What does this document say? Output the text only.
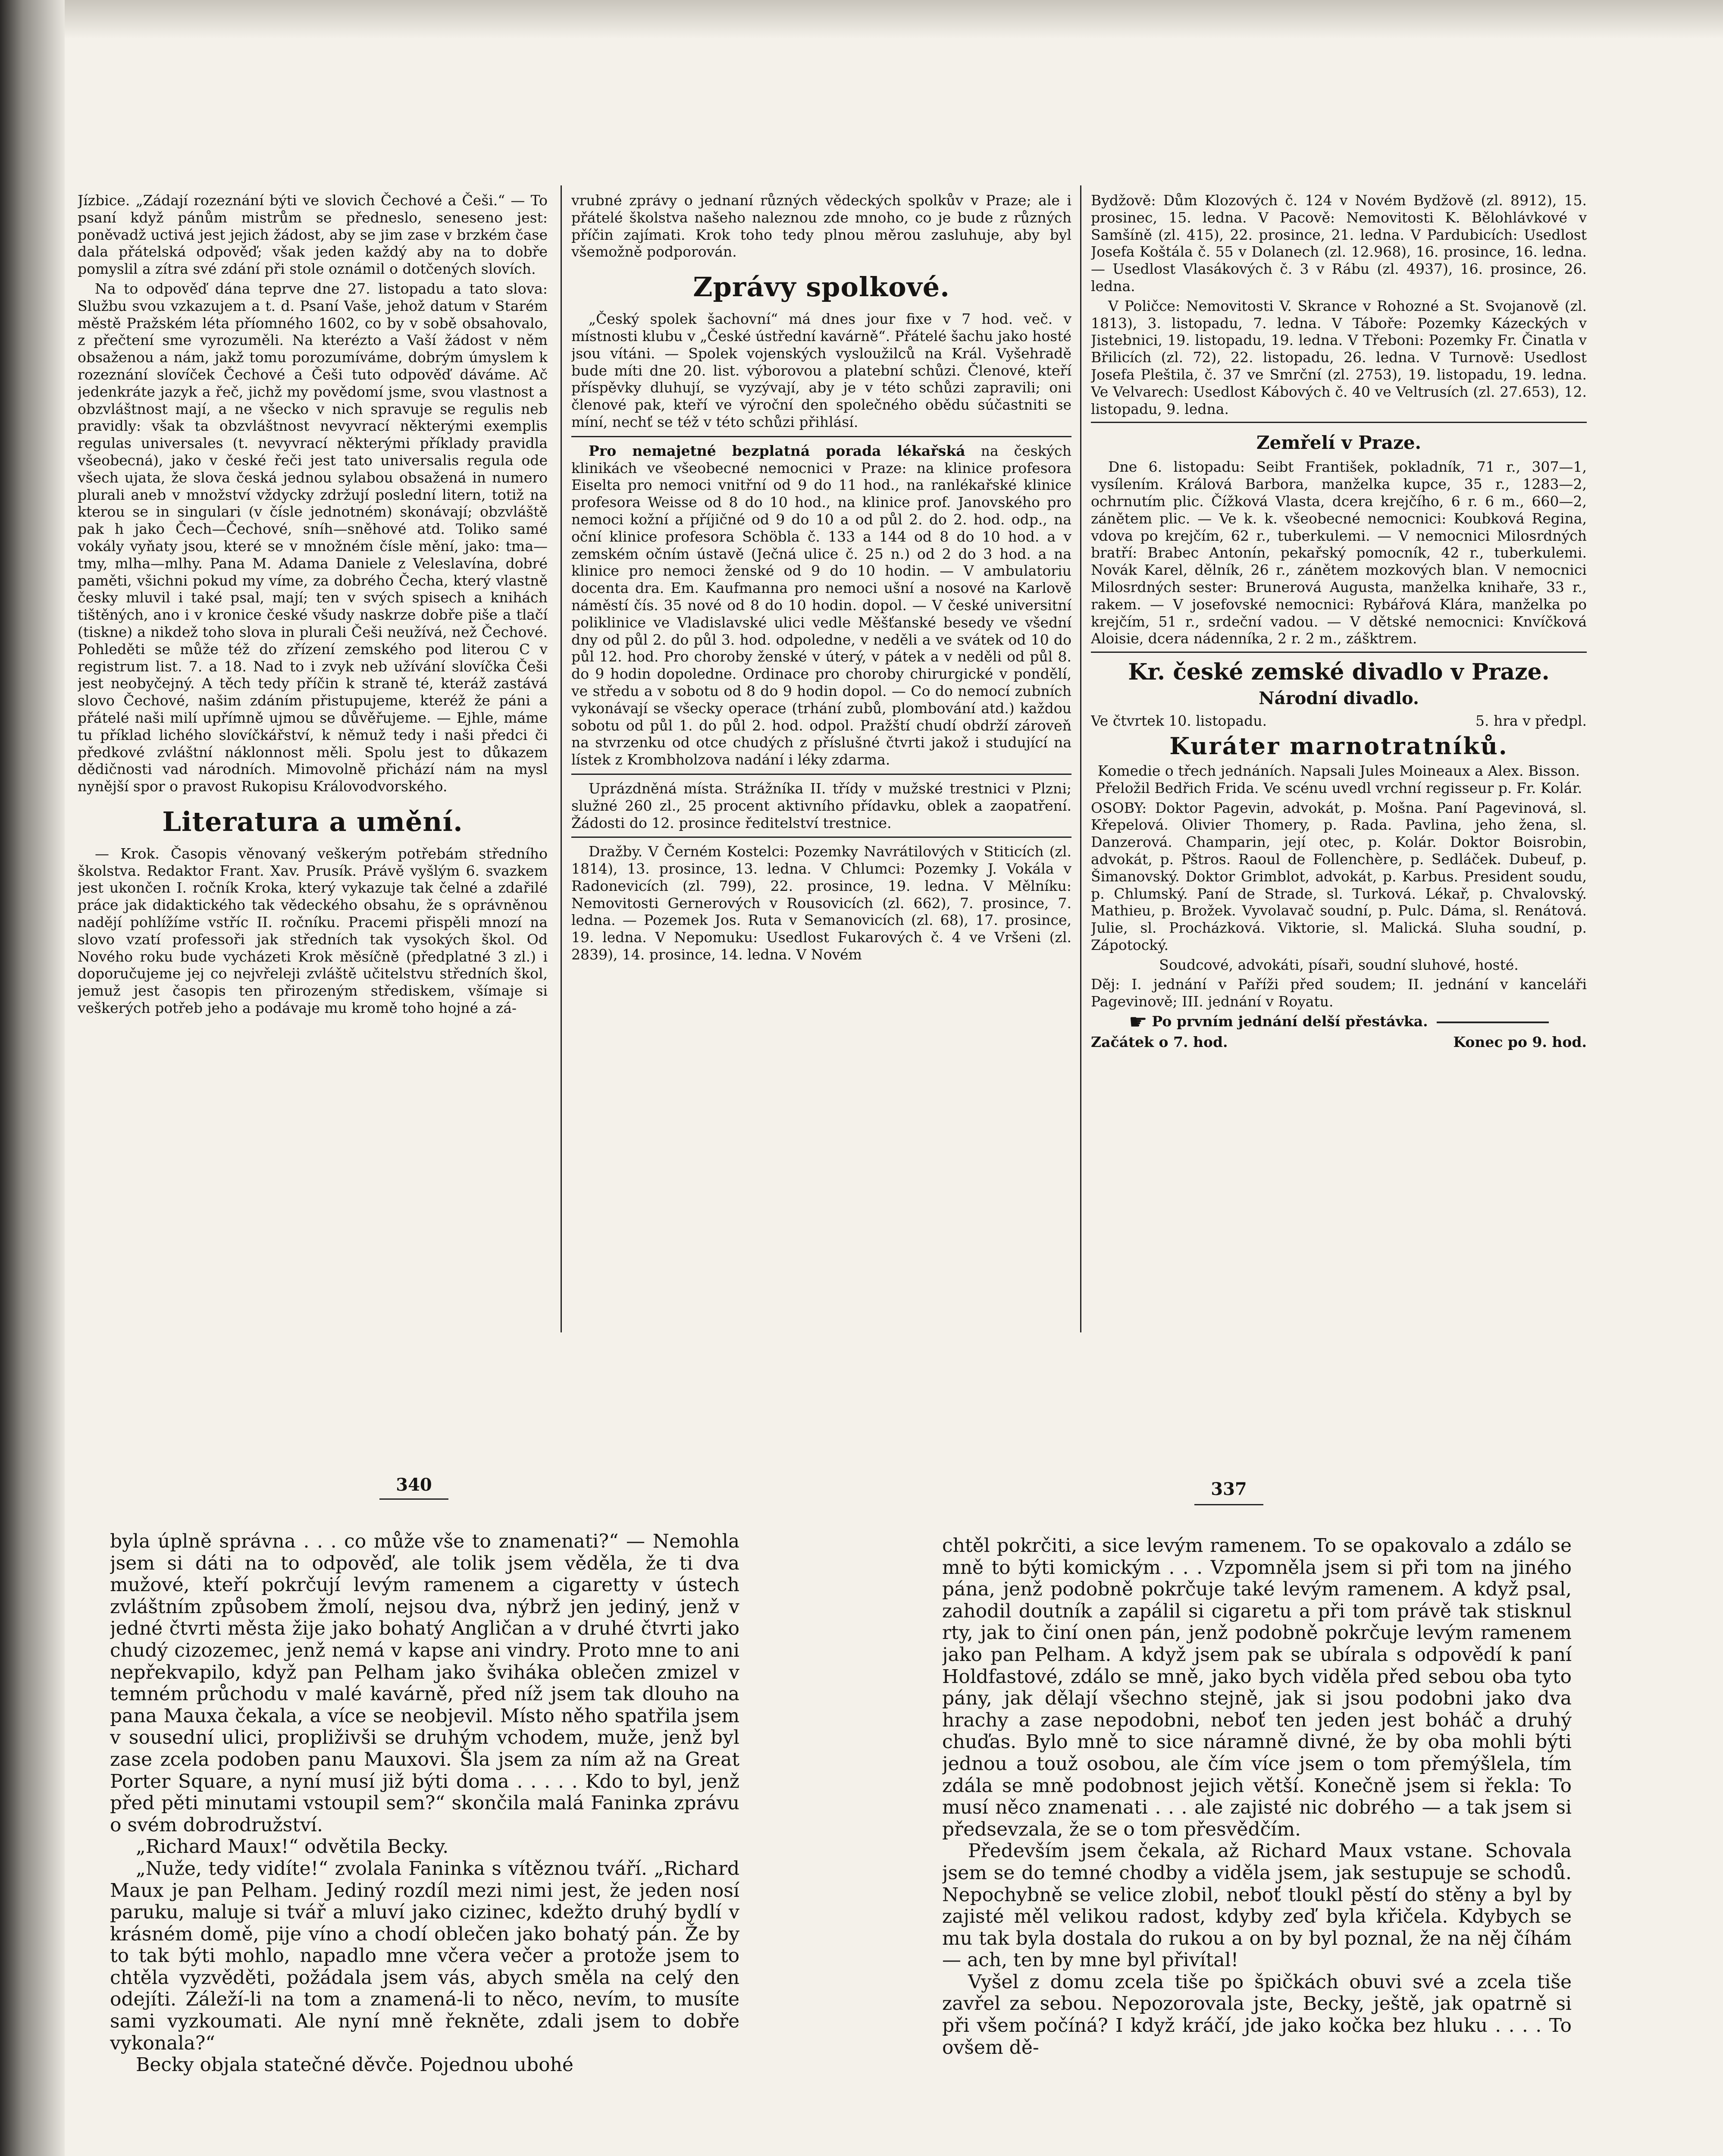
Jízbice. „Zádají rozeznání býti ve slovich Čechové a Češi.“ — To psaní když pánům mistrům se předneslo, seneseno jest: poněvadž uctivá jest jejich žádost, aby se jim zase v brzkém čase dala přátelská odpověď; však jeden každý aby na to dobře pomyslil a zítra své zdání při stole oznámil o dotčených slovích.

Na to odpověď dána teprve dne 27. listopadu a tato slova: Službu svou vzkazujem a t. d. Psaní Vaše, jehož datum v Starém městě Pražském léta příomného 1602, co by v sobě obsahovalo, z přečtení sme vyrozuměli. Na kterézto a Vaší žádost v něm obsaženou a nám, jakž tomu porozumíváme, dobrým úmyslem k rozeznání slovíček Čechové a Češi tuto odpověď dáváme. Ač jedenkráte jazyk a řeč, jichž my povědomí jsme, svou vlastnost a obzvláštnost mají, a ne všecko v nich spravuje se regulis neb pravidly: však ta obzvláštnost nevyvrací některými exemplis regulas universales (t. nevyvrací některými příklady pravidla všeobecná), jako v české řeči jest tato universalis regula ode všech ujata, že slova česká jednou sylabou obsažená in numero plurali aneb v množství vždycky zdržují poslední litern, totiž na kterou se in singulari (v čísle jednotném) skonávají; obzvláště pak h jako Čech—Čechové, sníh—sněhové atd. Toliko samé vokály vyňaty jsou, které se v množném čísle mění, jako: tma—tmy, mlha—mlhy. Pana M. Adama Daniele z Veleslavína, dobré paměti, všichni pokud my víme, za dobrého Čecha, který vlastně česky mluvil i také psal, mají; ten v svých spisech a knihách tištěných, ano i v kronice české všudy naskrze dobře piše a tlačí (tiskne) a nikdež toho slova in plurali Češi neužívá, než Čechové. Pohleděti se může též do zřízení zemského pod literou C v registrum list. 7. a 18. Nad to i zvyk neb užívání slovíčka Češi jest neobyčejný. A těch tedy příčin k straně té, kteráž zastává slovo Čechové, našim zdáním přistupujeme, kteréž že páni a přátelé naši milí upřímně ujmou se důvěřujeme. — Ejhle, máme tu příklad lichého slovíčkářství, k němuž tedy i naši předci či předkové zvláštní náklonnost měli. Spolu jest to důkazem dědičnosti vad národních. Mimovolně přichází nám na mysl nynější spor o pravost Rukopisu Královodvorského.

Literatura a umění.

— Krok. Časopis věnovaný veškerým potřebám středního školstva. Redaktor Frant. Xav. Prusík. Právě vyšlým 6. svazkem jest ukončen I. ročník Kroka, který vykazuje tak čelné a zdařilé práce jak didaktického tak vědeckého obsahu, že s oprávněnou nadějí pohlížíme vstříc II. ročníku. Pracemi přispěli mnozí na slovo vzatí professoři jak středních tak vysokých škol. Od Nového roku bude vycházeti Krok měsíčně (předplatné 3 zl.) i doporučujeme jej co nejvřeleji zvláště učitelstvu středních škol, jemuž jest časopis ten přirozeným střediskem, všímaje si veškerých potřeb jeho a podávaje mu kromě toho hojné a zá-

vrubné zprávy o jednaní různých vědeckých spolkův v Praze; ale i přátelé školstva našeho naleznou zde mnoho, co je bude z různých příčin zajímati. Krok toho tedy plnou měrou zasluhuje, aby byl všemožně podporován.

Zprávy spolkové.

„Český spolek šachovní“ má dnes jour fixe v 7 hod. več. v místnosti klubu v „České ústřední kavárně“. Přátelé šachu jako hosté jsou vítáni. — Spolek vojenských vysloužilců na Král. Vyšehradě bude míti dne 20. list. výborovou a platební schůzi. Členové, kteří příspěvky dluhují, se vyzývají, aby je v této schůzi zapravili; oni členové pak, kteří ve výroční den společného obědu súčastniti se míní, nechť se též v této schůzi přihlásí.

Pro nemajetné bezplatná porada lékařská na českých klinikách ve všeobecné nemocnici v Praze: na klinice profesora Eiselta pro nemoci vnitřní od 9 do 11 hod., na ranlékařské klinice profesora Weisse od 8 do 10 hod., na klinice prof. Janovského pro nemoci kožní a příjičné od 9 do 10 a od půl 2. do 2. hod. odp., na oční klinice profesora Schöbla č. 133 a 144 od 8 do 10 hod. a v zemském očním ústavě (Ječná ulice č. 25 n.) od 2 do 3 hod. a na klinice pro nemoci ženské od 9 do 10 hodin. — V ambulatoriu docenta dra. Em. Kaufmanna pro nemoci ušní a nosové na Karlově náměstí čís. 35 nové od 8 do 10 hodin. dopol. — V české universitní poliklinice ve Vladislavské ulici vedle Měšťanské besedy ve všední dny od půl 2. do půl 3. hod. odpoledne, v neděli a ve svátek od 10 do půl 12. hod. Pro choroby ženské v úterý, v pátek a v neděli od půl 8. do 9 hodin dopoledne. Ordinace pro choroby chirurgické v pondělí, ve středu a v sobotu od 8 do 9 hodin dopol. — Co do nemocí zubních vykonávají se všecky operace (trhání zubů, plombování atd.) každou sobotu od půl 1. do půl 2. hod. odpol. Pražští chudí obdrží zároveň na stvrzenku od otce chudých z příslušné čtvrti jakož i studující na lístek z Krombholzova nadání i léky zdarma.

Uprázdněná místa. Strážníka II. třídy v mužské trestnici v Plzni; služné 260 zl., 25 procent aktivního přídavku, oblek a zaopatření. Žádosti do 12. prosince ředitelství trestnice.

Dražby. V Černém Kostelci: Pozemky Navrátilových v Stiticích (zl. 1814), 13. prosince, 13. ledna. V Chlumci: Pozemky J. Vokála v Radonevicích (zl. 799), 22. prosince, 19. ledna. V Mělníku: Nemovitosti Gernerových v Rousovicích (zl. 662), 7. prosince, 7. ledna. — Pozemek Jos. Ruta v Semanovicích (zl. 68), 17. prosince, 19. ledna. V Nepomuku: Usedlost Fukarových č. 4 ve Vršeni (zl. 2839), 14. prosince, 14. ledna. V Novém

Bydžově: Dům Klozových č. 124 v Novém Bydžově (zl. 8912), 15. prosinec, 15. ledna. V Pacově: Nemovitosti K. Bělohlávkové v Samšíně (zl. 415), 22. prosince, 21. ledna. V Pardubicích: Usedlost Josefa Koštála č. 55 v Dolanech (zl. 12.968), 16. prosince, 16. ledna. — Usedlost Vlasákových č. 3 v Rábu (zl. 4937), 16. prosince, 26. ledna.

V Poličce: Nemovitosti V. Skrance v Rohozné a St. Svojanově (zl. 1813), 3. listopadu, 7. ledna. V Táboře: Pozemky Kázeckých v Jistebnici, 19. listopadu, 19. ledna. V Třeboni: Pozemky Fr. Činatla v Břilicích (zl. 72), 22. listopadu, 26. ledna. V Turnově: Usedlost Josefa Pleštila, č. 37 ve Smrční (zl. 2753), 19. listopadu, 19. ledna. Ve Velvarech: Usedlost Kábových č. 40 ve Veltrusích (zl. 27.653), 12. listopadu, 9. ledna.

Zemřelí v Praze.

Dne 6. listopadu: Seibt František, pokladník, 71 r., 307—1, vysílením. Králová Barbora, manželka kupce, 35 r., 1283—2, ochrnutím plic. Čížková Vlasta, dcera krejčího, 6 r. 6 m., 660—2, zánětem plic. — Ve k. k. všeobecné nemocnici: Koubková Regina, vdova po krejčím, 62 r., tuberkulemi. — V nemocnici Milosrdných bratří: Brabec Antonín, pekařský pomocník, 42 r., tuberkulemi. Novák Karel, dělník, 26 r., zánětem mozkových blan. V nemocnici Milosrdných sester: Brunerová Augusta, manželka knihaře, 33 r., rakem. — V josefovské nemocnici: Rybářová Klára, manželka po krejčím, 51 r., srdeční vadou. — V dětské nemocnici: Knvíčková Aloisie, dcera nádenníka, 2 r. 2 m., zášktrem.

Kr. české zemské divadlo v Praze.
Národní divadlo.
Ve čtvrtek 10. listopadu.	5. hra v předpl.
Kuráter marnotratníků.

Komedie o třech jednáních. Napsali Jules Moineaux a Alex. Bisson. Přeložil Bedřich Frida. Ve scénu uvedl vrchní regisseur p. Fr. Kolár.

OSOBY: Doktor Pagevin, advokát, p. Mošna. Paní Pagevinová, sl. Křepelová. Olivier Thomery, p. Rada. Pavlina, jeho žena, sl. Danzerová. Champarin, její otec, p. Kolár. Doktor Boisrobin, advokát, p. Pštros. Raoul de Follenchère, p. Sedláček. Dubeuf, p. Šimanovský. Doktor Grimblot, advokát, p. Karbus. President soudu, p. Chlumský. Paní de Strade, sl. Turková. Lékař, p. Chvalovský. Mathieu, p. Brožek. Vyvolavač soudní, p. Pulc. Dáma, sl. Renátová. Julie, sl. Procházková. Viktorie, sl. Malická. Sluha soudní, p. Zápotocký.

Soudcové, advokáti, písaři, soudní sluhové, hosté.

Děj: I. jednání v Paříži před soudem; II. jednání v kanceláři Pagevinově; III. jednání v Royatu.

☛ Po prvním jednání delší přestávka.

Začátek o 7. hod.	Konec po 9. hod.
340	337

byla úplně správna . . . co může vše to znamenati?“ — Nemohla jsem si dáti na to odpověď, ale tolik jsem věděla, že ti dva mužové, kteří pokrčují levým ramenem a cigaretty v ústech zvláštním způsobem žmolí, nejsou dva, nýbrž jen jediný, jenž v jedné čtvrti města žije jako bohatý Angličan a v druhé čtvrti jako chudý cizozemec, jenž nemá v kapse ani vindry. Proto mne to ani nepřekvapilo, když pan Pelham jako šviháka oblečen zmizel v temném průchodu v malé kavárně, před níž jsem tak dlouho na pana Mauxa čekala, a více se neobjevil. Místo něho spatřila jsem v sousední ulici, propliživši se druhým vchodem, muže, jenž byl zase zcela podoben panu Mauxovi. Šla jsem za ním až na Great Porter Square, a nyní musí již býti doma . . . . . Kdo to byl, jenž před pěti minutami vstoupil sem?“ skončila malá Faninka zprávu o svém dobrodružství.

„Richard Maux!“ odvětila Becky.

„Nuže, tedy vidíte!“ zvolala Faninka s vítěznou tváří. „Richard Maux je pan Pelham. Jediný rozdíl mezi nimi jest, že jeden nosí paruku, maluje si tvář a mluví jako cizinec, kdežto druhý bydlí v krásném domě, pije víno a chodí oblečen jako bohatý pán. Že by to tak býti mohlo, napadlo mne včera večer a protože jsem to chtěla vyzvěděti, požádala jsem vás, abych směla na celý den odejíti. Záleží-li na tom a znamená-li to něco, nevím, to musíte sami vyzkoumati. Ale nyní mně řekněte, zdali jsem to dobře vykonala?“

Becky objala statečné děvče. Pojednou ubohé

chtěl pokrčiti, a sice levým ramenem. To se opakovalo a zdálo se mně to býti komickým . . . Vzpomněla jsem si při tom na jiného pána, jenž podobně pokrčuje také levým ramenem. A když psal, zahodil doutník a zapálil si cigaretu a při tom právě tak stisknul rty, jak to činí onen pán, jenž podobně pokrčuje levým ramenem jako pan Pelham. A když jsem pak se ubírala s odpovědí k paní Holdfastové, zdálo se mně, jako bych viděla před sebou oba tyto pány, jak dělají všechno stejně, jak si jsou podobni jako dva hrachy a zase nepodobni, neboť ten jeden jest boháč a druhý chuďas. Bylo mně to sice náramně divné, že by oba mohli býti jednou a touž osobou, ale čím více jsem o tom přemýšlela, tím zdála se mně podobnost jejich větší. Konečně jsem si řekla: To musí něco znamenati . . . ale zajisté nic dobrého — a tak jsem si předsevzala, že se o tom přesvědčím.

Především jsem čekala, až Richard Maux vstane. Schovala jsem se do temné chodby a viděla jsem, jak sestupuje se schodů. Nepochybně se velice zlobil, neboť tloukl pěstí do stěny a byl by zajisté měl velikou radost, kdyby zeď byla křičela. Kdybych se mu tak byla dostala do rukou a on by byl poznal, že na něj číhám — ach, ten by mne byl přivítal!

Vyšel z domu zcela tiše po špičkách obuvi své a zcela tiše zavřel za sebou. Nepozorovala jste, Becky, ještě, jak opatrně si při všem počíná? I když kráčí, jde jako kočka bez hluku . . . . To ovšem dě-
